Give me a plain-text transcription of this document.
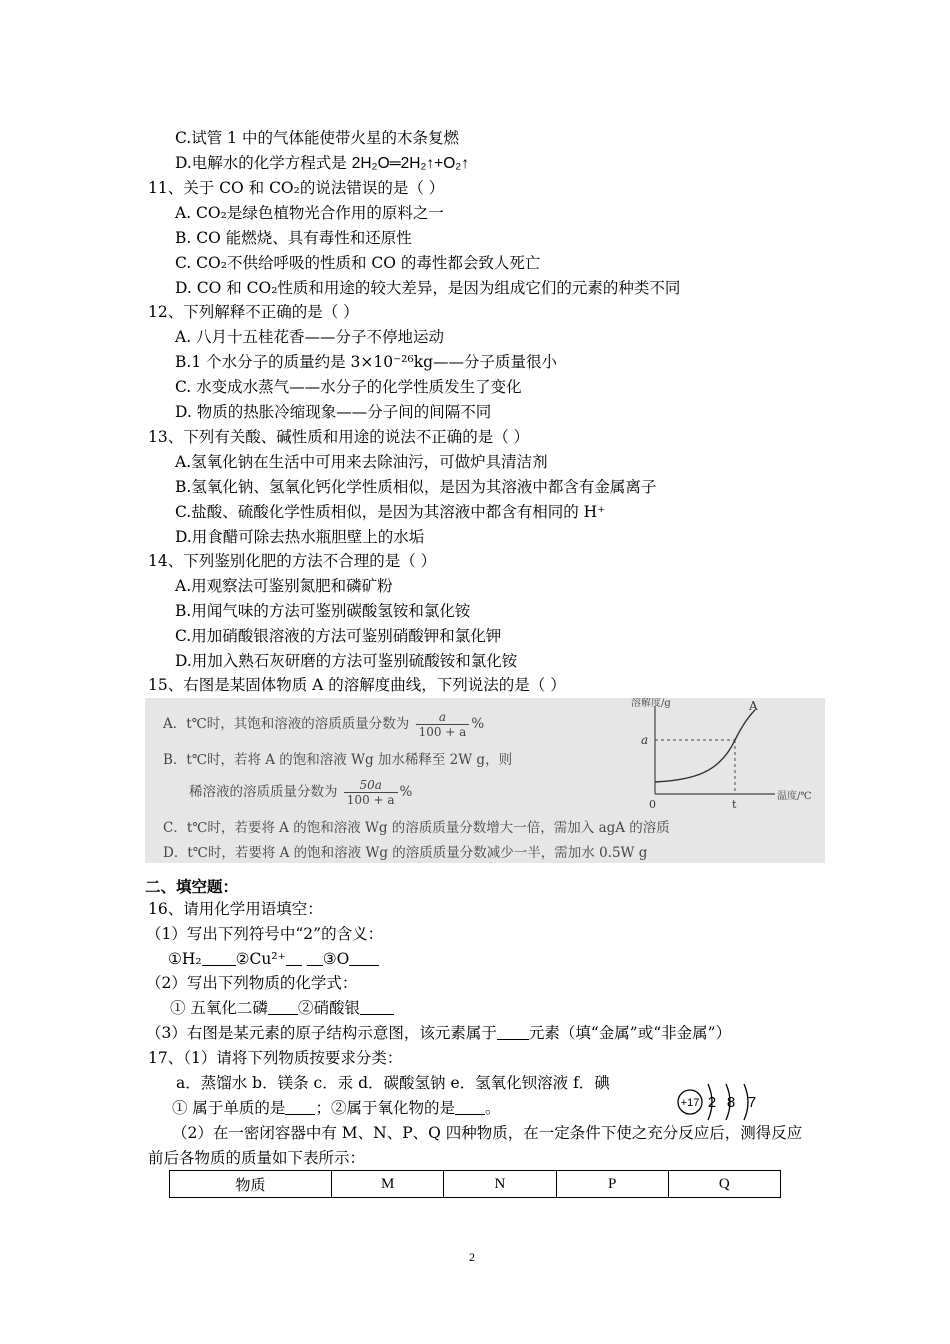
C.试管 1 中的气体能使带火星的木条复燃
D.电解水的化学方程式是 2H₂O═2H₂↑+O₂↑
11、关于 CO 和 CO₂的说法错误的是（ ）
A. CO₂是绿色植物光合作用的原料之一
B. CO 能燃烧、具有毒性和还原性
C. CO₂不供给呼吸的性质和 CO 的毒性都会致人死亡
D. CO 和 CO₂性质和用途的较大差异，是因为组成它们的元素的种类不同
12、下列解释不正确的是（ ）
A. 八月十五桂花香——分子不停地运动
B.1 个水分子的质量约是 3×10⁻²⁶kg——分子质量很小
C. 水变成水蒸气——水分子的化学性质发生了变化
D. 物质的热胀冷缩现象——分子间的间隔不同
13、下列有关酸、碱性质和用途的说法不正确的是（ ）
A.氢氧化钠在生活中可用来去除油污，可做炉具清洁剂
B.氢氧化钠、氢氧化钙化学性质相似，是因为其溶液中都含有金属离子
C.盐酸、硫酸化学性质相似，是因为其溶液中都含有相同的 H⁺
D.用食醋可除去热水瓶胆壁上的水垢
14、下列鉴别化肥的方法不合理的是（ ）
A.用观察法可鉴别氮肥和磷矿粉
B.用闻气味的方法可鉴别碳酸氢铵和氯化铵
C.用加硝酸银溶液的方法可鉴别硝酸钾和氯化钾
D.用加入熟石灰研磨的方法可鉴别硫酸铵和氯化铵
15、右图是某固体物质 A 的溶解度曲线，下列说法的是（ ）
A．t℃时，其饱和溶液的溶质质量分数为 $\frac{a}{100 + a}$ %
B．t℃时，若将 A 的饱和溶液 Wg 加水稀释至 2W g，则
稀溶液的溶质质量分数为 $\frac{50a}{100 + a}$ %
C．t℃时，若要将 A 的饱和溶液 Wg 的溶质质量分数增大一倍，需加入 agA 的溶质
D．t℃时，若要将 A 的饱和溶液 Wg 的溶质质量分数减少一半，需加水 0.5W g
溶解度/g	A
a
0	t
温度/℃
二、填空题：
16、请用化学用语填空：
（1）写出下列符号中“2”的含义：
①H₂ ②Cu²⁺ ③O
（2）写出下列物质的化学式：
① 五氧化二磷 ②硝酸银
（3）右图是某元素的原子结构示意图，该元素属于 元素（填“金属”或“非金属”）
17、（1）请将下列物质按要求分类：
a．蒸馏水 b．镁条 c．汞 d．碳酸氢钠 e．氢氧化钡溶液 f．碘
① 属于单质的是 ；②属于氧化物的是 。
（2）在一密闭容器中有 M、N、P、Q 四种物质，在一定条件下使之充分反应后，测得反应
前后各物质的质量如下表所示：
+17 2 8 7
物质	M	N	P	Q
2
